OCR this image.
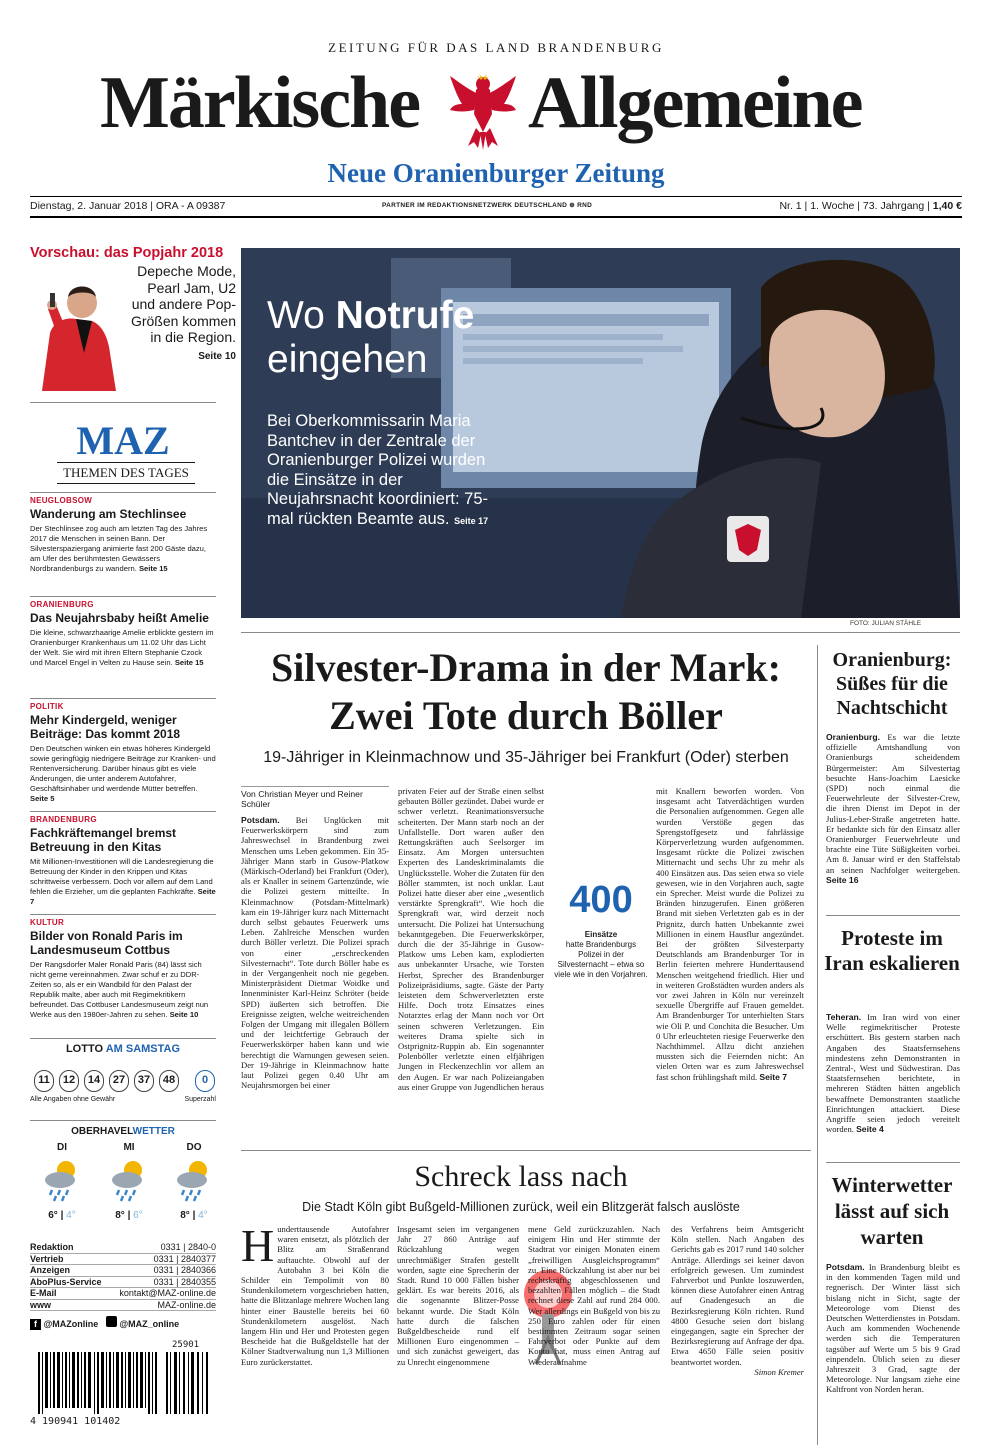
ZEITUNG FÜR DAS LAND BRANDENBURG
Märkische Allgemeine
Neue Oranienburger Zeitung
Dienstag, 2. Januar 2018 | ORA - A 09387	PARTNER IM REDAKTIONSNETZWERK DEUTSCHLAND ⊕ RND	Nr. 1 | 1. Woche | 73. Jahrgang | 1,40 €
Vorschau: das Popjahr 2018
Depeche Mode, Pearl Jam, U2 und andere Pop-Größen kommen in die Region.
Seite 10
MAZ
THEMEN DES TAGES
NEUGLOBSOW
Wanderung am Stechlinsee
Der Stechlinsee zog auch am letzten Tag des Jahres 2017 die Menschen in seinen Bann. Der Silvesterspaziergang animierte fast 200 Gäste dazu, am Ufer des berühmtesten Gewässers Nordbrandenburgs zu wandern. Seite 15
ORANIENBURG
Das Neujahrsbaby heißt Amelie
Die kleine, schwarzhaarige Amelie erblickte gestern im Oranienburger Krankenhaus um 11.02 Uhr das Licht der Welt. Sie wird mit ihren Eltern Stephanie Czock und Marcel Engel in Velten zu Hause sein. Seite 15
POLITIK
Mehr Kindergeld, weniger Beiträge: Das kommt 2018
Den Deutschen winken ein etwas höheres Kindergeld sowie geringfügig niedrigere Beiträge zur Kranken- und Rentenversicherung. Darüber hinaus gibt es viele Änderungen, die unter anderem Autofahrer, Geschäftsinhaber und werdende Mütter betreffen. Seite 5
BRANDENBURG
Fachkräftemangel bremst Betreuung in den Kitas
Mit Millionen-Investitionen will die Landesregierung die Betreuung der Kinder in den Krippen und Kitas schrittweise verbessern. Doch vor allem auf dem Land fehlen die Erzieher, um die geplanten Fachkräfte. Seite 7
KULTUR
Bilder von Ronald Paris im Landesmuseum Cottbus
Der Rangsdorfer Maler Ronald Paris (84) lässt sich nicht gerne vereinnahmen. Zwar schuf er zu DDR-Zeiten so, als er ein Wandbild für den Palast der Republik malte, aber auch mit Regimekritikern befreundet. Das Cottbuser Landesmuseum zeigt nun Werke aus den 1980er-Jahren zu sehen. Seite 10
LOTTO AM SAMSTAG
11	12	14	27	37	48	0
Alle Angaben ohne Gewähr	Superzahl
OBERHAVELWETTER
DI	MI	DO
6° | 4°	8° | 6°	8° | 4°
Redaktion	0331 | 2840-0
Vertrieb	0331 | 2840377
Anzeigen	0331 | 2840366
AboPlus-Service	0331 | 2840355
E-Mail	kontakt@MAZ-online.de
www	MAZ-online.de
f @MAZonline @MAZ_online
25901
4 190941 101402
Wo Notrufe
eingehen
Bei Oberkommissarin Maria Bantchev in der Zentrale der Oranienburger Polizei wurden die Einsätze in der Neujahrsnacht koordiniert: 75-mal rückten Beamte aus. Seite 17
FOTO: JULIAN STÄHLE
Silvester-Drama in der Mark:
Zwei Tote durch Böller
19-Jähriger in Kleinmachnow und 35-Jähriger bei Frankfurt (Oder) sterben
Von Christian Meyer und Reiner Schüler
Potsdam. Bei Unglücken mit Feuerwerkskörpern sind zum Jahreswechsel in Brandenburg zwei Menschen ums Leben gekommen. Ein 35-Jähriger Mann starb in Gusow-Platkow (Märkisch-Oderland) bei Frankfurt (Oder), als er Knaller in seinem Gartenzünde, wie die Polizei gestern mitteilte. In Kleinmachnow (Potsdam-Mittelmark) kam ein 19-Jähriger kurz nach Mitternacht durch selbst gebautes Feuerwerk ums Leben. Zahlreiche Menschen wurden durch Böller verletzt. Die Polizei sprach von einer „erschreckenden Silvesternacht“. Tote durch Böller habe es in der Vergangenheit noch nie gegeben. Ministerpräsident Dietmar Woidke und Innenminister Karl-Heinz Schröter (beide SPD) äußerten sich betroffen. Die Ereignisse zeigten, welche weitreichenden Folgen der Umgang mit illegalen Böllern und der leichtfertige Gebrauch der Feuerwerkskörper haben kann und wie berechtigt die Warnungen gewesen seien. Der 19-Jährige in Kleinmachnow hatte laut Polizei gegen 0.40 Uhr am Neujahrsmorgen bei einer
privaten Feier auf der Straße einen selbst gebauten Böller gezündet. Dabei wurde er schwer verletzt. Reanimationsversuche scheiterten. Der Mann starb noch an der Unfallstelle. Dort waren außer den Rettungskräften auch Seelsorger im Einsatz. Am Morgen untersuchten Experten des Landeskriminalamts die Unglücksstelle. Woher die Zutaten für den Böller stammten, ist noch unklar. Laut Polizei hatte dieser aber eine „wesentlich verstärkte Sprengkraft“. Wie hoch die Sprengkraft war, wird derzeit noch untersucht. Die Polizei hat Untersuchung bekanntgegeben. Die Feuerwerkskörper, durch die der 35-Jährige in Gusow-Platkow ums Leben kam, explodierten aus unbekannter Ursache, wie Torsten Herbst, Sprecher des Brandenburger Polizeipräsidiums, sagte. Gäste der Party leisteten dem Schwerverletzten erste Hilfe. Doch trotz Einsatzes eines Notarztes erlag der Mann noch vor Ort seinen schweren Verletzungen. Ein weiteres Drama spielte sich in Ostprignitz-Ruppin ab. Ein sogenannter Polenböller verletzte einen elfjährigen Jungen in Fleckenzechlin vor allem an den Augen. Er war nach Polizeiangaben aus einer Gruppe von Jugendlichen heraus
400
Einsätze
hatte Brandenburgs Polizei in der Silvesternacht – etwa so viele wie in den Vorjahren.
mit Knallern beworfen worden. Von insgesamt acht Tatverdächtigen wurden die Personalien aufgenommen. Gegen alle wurden Verstöße gegen das Sprengstoffgesetz und fahrlässige Körperverletzung wurden aufgenommen. Insgesamt rückte die Polizei zwischen Mitternacht und sechs Uhr zu mehr als 400 Einsätzen aus. Das seien etwa so viele gewesen, wie in den Vorjahren auch, sagte ein Sprecher. Meist wurde die Polizei zu Bränden hinzugerufen. Einen größeren Brand mit sieben Verletzten gab es in der Prignitz, durch hatten Unbekannte zwei Millionen in einem Hausflur angezündet. Bei der größten Silvesterparty Deutschlands am Brandenburger Tor in Berlin feierten mehrere Hunderttausend Menschen weitgehend friedlich. Hier und in weiteren Großstädten wurden anders als vor zwei Jahren in Köln nur vereinzelt sexuelle Übergriffe auf Frauen gemeldet. Am Brandenburger Tor unterhielten Stars wie Oli P. und Conchita die Besucher. Um 0 Uhr erleuchteten riesige Feuerwerke den Nachthimmel. Allzu dicht anziehen mussten sich die Feiernden nicht: An vielen Orten war es zum Jahreswechsel fast schon frühlingshaft mild. Seite 7
Oranienburg: Süßes für die Nachtschicht
Oranienburg. Es war die letzte offizielle Amtshandlung von Oranienburgs scheidendem Bürgermeister: Am Silvestertag besuchte Hans-Joachim Laesicke (SPD) noch einmal die Feuerwehrleute der Silvester-Crew, die ihren Dienst im Depot in der Julius-Leber-Straße angetreten hatte. Er bedankte sich für den Einsatz aller Oranienburger Feuerwehrleute und brachte eine Tüte Süßigkeiten vorbei. Am 8. Januar wird er den Staffelstab an seinen Nachfolger weitergeben. Seite 16
Proteste im Iran eskalieren
Teheran. Im Iran wird von einer Welle regimekritischer Proteste erschüttert. Bis gestern starben nach Angaben des Staatsfernsehens mindestens zehn Demonstranten in Zentral-, West und Südwestiran. Das Staatsfernsehen berichtete, in mehreren Städten hätten angeblich bewaffnete Demonstranten staatliche Einrichtungen attackiert. Diese Angriffe seien jedoch vereitelt worden. Seite 4
Winterwetter lässt auf sich warten
Potsdam. In Brandenburg bleibt es in den kommenden Tagen mild und regnerisch. Der Winter lässt sich bislang nicht in Sicht, sagte der Meteorologe vom Dienst des Deutschen Wetterdienstes in Potsdam. Auch am kommenden Wochenende werden sich die Temperaturen tagsüber auf Werte um 5 bis 9 Grad einpendeln. Üblich seien zu dieser Jahreszeit 3 Grad, sagte der Meteorologe. Nur langsam ziehe eine Kaltfront von Norden heran.
Schreck lass nach
Die Stadt Köln gibt Bußgeld-Millionen zurück, weil ein Blitzgerät falsch auslöste
Hunderttausende Autofahrer waren entsetzt, als plötzlich der Blitz am Straßenrand auftauchte. Obwohl auf der Autobahn 3 bei Köln die Schilder ein Tempolimit von 80 Stundenkilometern vorgeschrieben hatten, hatte die Blitzanlage mehrere Wochen lang hinter einer Baustelle bereits bei 60 Stundenkilometern ausgelöst. Nach langem Hin und Her und Protesten gegen Bescheide hat die Bußgeldstelle hat der Kölner Stadtverwaltung nun 1,3 Millionen Euro zurückerstattet.
Insgesamt seien im vergangenen Jahr 27 860 Anträge auf Rückzahlung wegen unrechtmäßiger Strafen gestellt worden, sagte eine Sprecherin der Stadt. Rund 10 000 Fällen bisher geklärt. Es war bereits 2016, als die sogenannte Blitzer-Posse bekannt wurde. Die Stadt Köln hatte durch die falschen Bußgeldbescheide rund elf Millionen Euro eingenommen – und sich zunächst geweigert, das zu Unrecht eingenommene
mene Geld zurückzuzahlen. Nach einigem Hin und Her stimmte der Stadtrat vor einigen Monaten einem „freiwilligen Ausgleichsprogramm“ zu. Eine Rückzahlung ist aber nur bei rechtskräftig abgeschlossenen und bezahlten Fällen möglich – die Stadt rechnet diese Zahl auf rund 284 000. Wer allerdings ein Bußgeld von bis zu 250 Euro zahlen oder für einen bestimmten Zeitraum sogar seinen Fahrverbot oder Punkte auf dem Konto hat, muss einen Antrag auf Wiederaufnahme
des Verfahrens beim Amtsgericht Köln stellen. Nach Angaben des Gerichts gab es 2017 rund 140 solcher Anträge. Allerdings sei keiner davon erfolgreich gewesen. Um zumindest Fahrverbot und Punkte loszuwerden, können diese Autofahrer einen Antrag auf Gnadengesuch an die Bezirksregierung Köln richten. Rund 4800 Gesuche seien dort bislang eingegangen, sagte ein Sprecher der Bezirksregierung auf Anfrage der dpa. Etwa 4650 Fälle seien positiv beantwortet worden.

Simon Kremer
